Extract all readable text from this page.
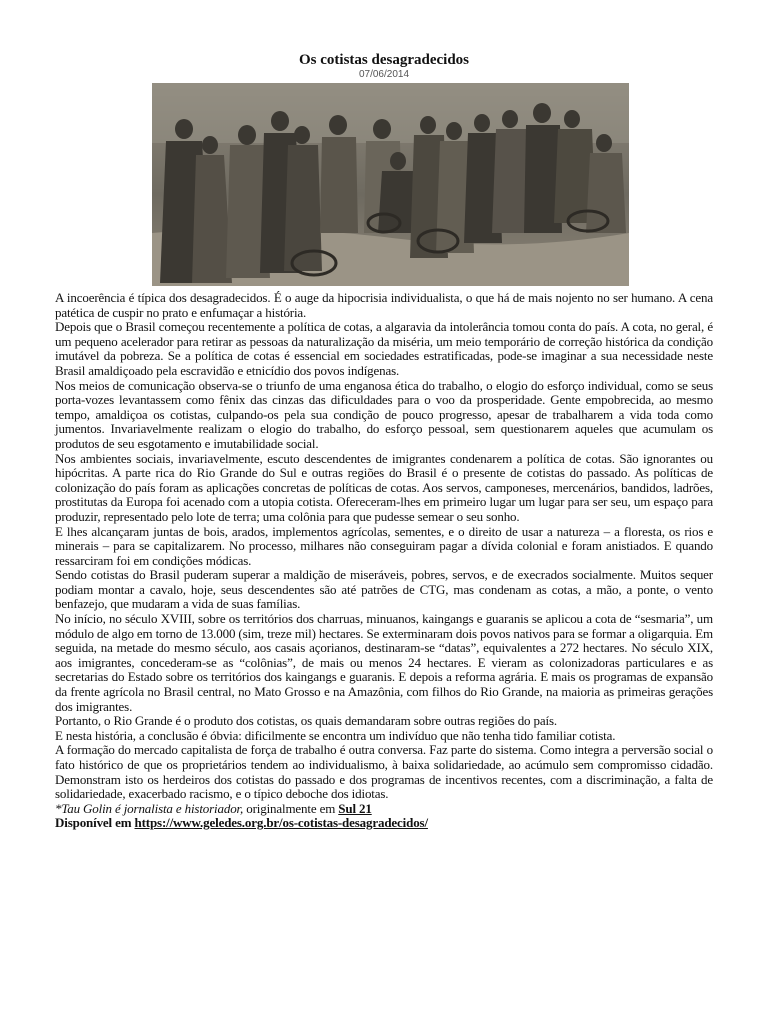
Os cotistas desagradecidos
07/06/2014

A incoerência é típica dos desagradecidos. É o auge da hipocrisia individualista, o que há de mais nojento no ser humano. A cena patética de cuspir no prato e enfumaçar a história.

Depois que o Brasil começou recentemente a política de cotas, a algaravia da intolerância tomou conta do país. A cota, no geral, é um pequeno acelerador para retirar as pessoas da naturalização da miséria, um meio temporário de correção histórica da condição imutável da pobreza. Se a política de cotas é essencial em sociedades estratificadas, pode-se imaginar a sua necessidade neste Brasil amaldiçoado pela escravidão e etnicídio dos povos indígenas.

Nos meios de comunicação observa-se o triunfo de uma enganosa ética do trabalho, o elogio do esforço individual, como se seus porta-vozes levantassem como fênix das cinzas das dificuldades para o voo da prosperidade. Gente empobrecida, ao mesmo tempo, amaldiçoa os cotistas, culpando-os pela sua condição de pouco progresso, apesar de trabalharem a vida toda como jumentos. Invariavelmente realizam o elogio do trabalho, do esforço pessoal, sem questionarem aqueles que acumulam os produtos de seu esgotamento e imutabilidade social.

Nos ambientes sociais, invariavelmente, escuto descendentes de imigrantes condenarem a política de cotas. São ignorantes ou hipócritas. A parte rica do Rio Grande do Sul e outras regiões do Brasil é o presente de cotistas do passado. As políticas de colonização do país foram as aplicações concretas de políticas de cotas. Aos servos, camponeses, mercenários, bandidos, ladrões, prostitutas da Europa foi acenado com a utopia cotista. Ofereceram-lhes em primeiro lugar um lugar para ser seu, um espaço para produzir, representado pelo lote de terra; uma colônia para que pudesse semear o seu sonho.

E lhes alcançaram juntas de bois, arados, implementos agrícolas, sementes, e o direito de usar a natureza – a floresta, os rios e minerais – para se capitalizarem. No processo, milhares não conseguiram pagar a dívida colonial e foram anistiados. E quando ressarciram foi em condições módicas.

Sendo cotistas do Brasil puderam superar a maldição de miseráveis, pobres, servos, e de execrados socialmente. Muitos sequer podiam montar a cavalo, hoje, seus descendentes são até patrões de CTG, mas condenam as cotas, a mão, a ponte, o vento benfazejo, que mudaram a vida de suas famílias.

No início, no século XVIII, sobre os territórios dos charruas, minuanos, kaingangs e guaranis se aplicou a cota de “sesmaria”, um módulo de algo em torno de 13.000 (sim, treze mil) hectares. Se exterminaram dois povos nativos para se formar a oligarquia. Em seguida, na metade do mesmo século, aos casais açorianos, destinaram-se “datas”, equivalentes a 272 hectares. No século XIX, aos imigrantes, concederam-se as “colônias”, de mais ou menos 24 hectares. E vieram as colonizadoras particulares e as secretarias do Estado sobre os territórios dos kaingangs e guaranis. E depois a reforma agrária. E mais os programas de expansão da frente agrícola no Brasil central, no Mato Grosso e na Amazônia, com filhos do Rio Grande, na maioria as primeiras gerações dos imigrantes.

Portanto, o Rio Grande é o produto dos cotistas, os quais demandaram sobre outras regiões do país.

E nesta história, a conclusão é óbvia: dificilmente se encontra um indivíduo que não tenha tido familiar cotista.

A formação do mercado capitalista de força de trabalho é outra conversa. Faz parte do sistema. Como integra a perversão social o fato histórico de que os proprietários tendem ao individualismo, à baixa solidariedade, ao acúmulo sem compromisso cidadão. Demonstram isto os herdeiros dos cotistas do passado e dos programas de incentivos recentes, com a discriminação, a falta de solidariedade, exacerbado racismo, e o típico deboche dos idiotas.

*Tau Golin é jornalista e historiador, originalmente em Sul 21

Disponível em https://www.geledes.org.br/os-cotistas-desagradecidos/
